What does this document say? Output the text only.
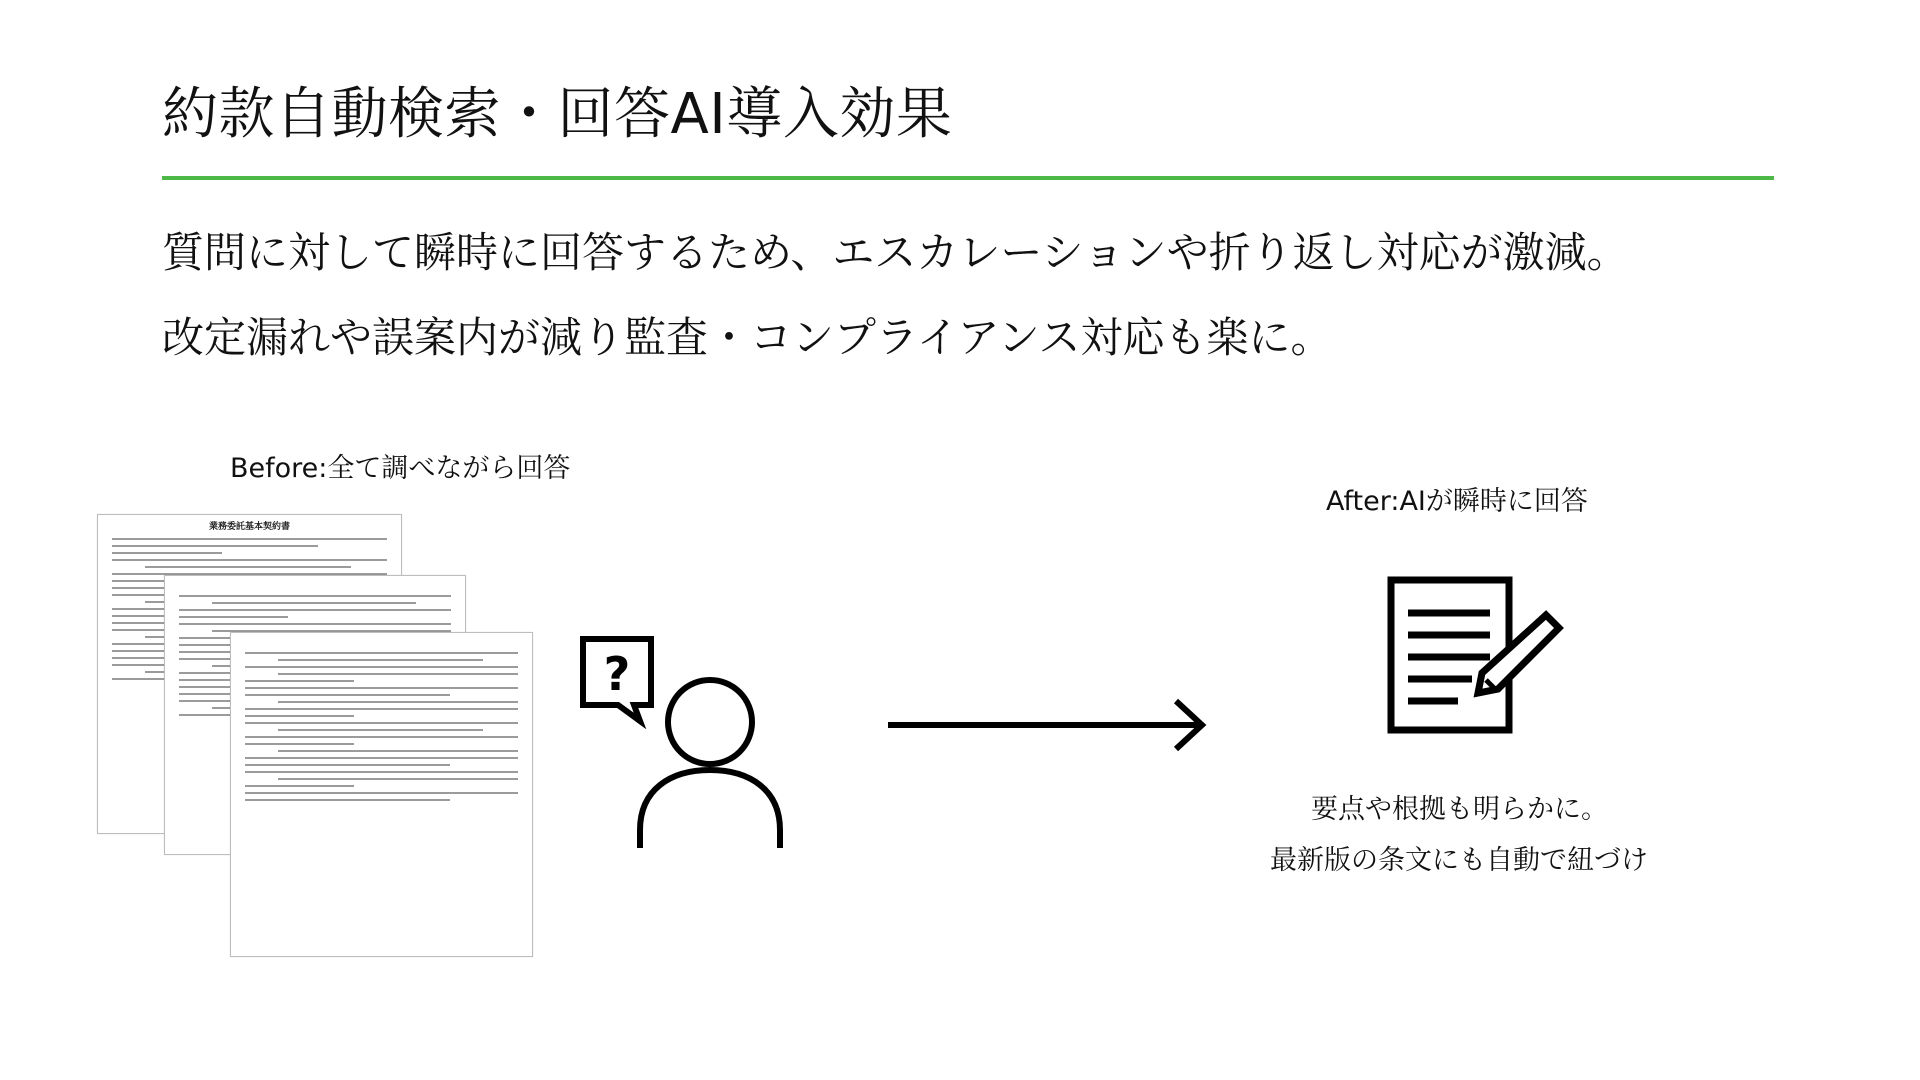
約款自動検索・回答AI導入効果
質問に対して瞬時に回答するため、エスカレーションや折り返し対応が激減。
改定漏れや誤案内が減り監査・コンプライアンス対応も楽に。
Before:全て調べながら回答
業務委託基本契約書
?
After:AIが瞬時に回答
要点や根拠も明らかに。
最新版の条文にも自動で紐づけ
